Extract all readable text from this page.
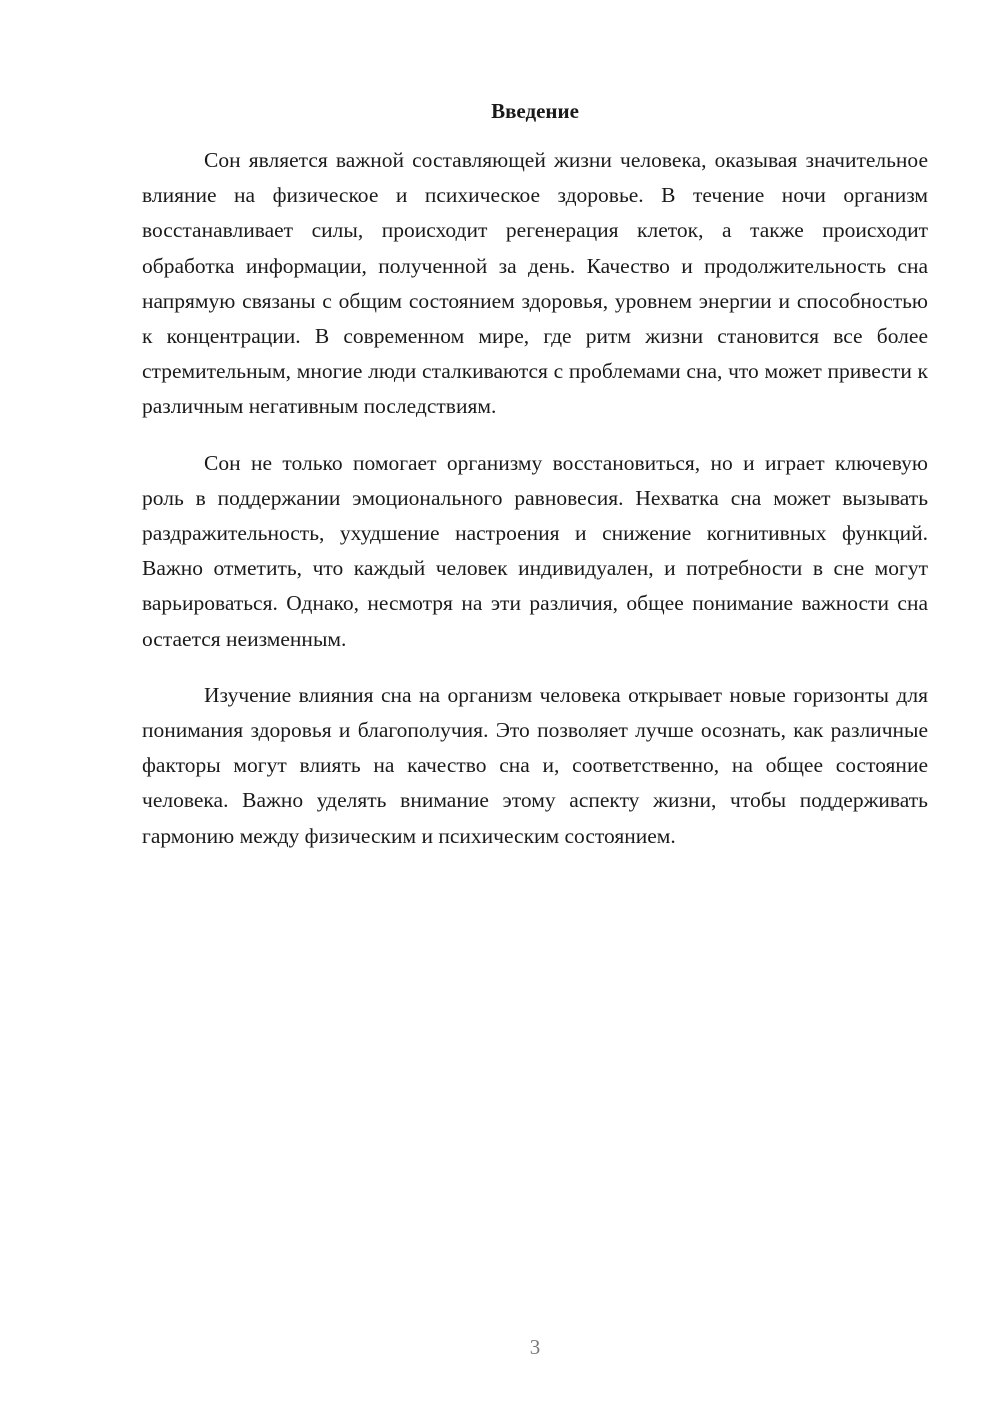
Введение

Сон является важной составляющей жизни человека, оказывая значительное влияние на физическое и психическое здоровье. В течение ночи организм восстанавливает силы, происходит регенерация клеток, а также происходит обработка информации, полученной за день. Качество и продолжительность сна напрямую связаны с общим состоянием здоровья, уровнем энергии и способностью к концентрации. В современном мире, где ритм жизни становится все более стремительным, многие люди сталкиваются с проблемами сна, что может привести к различным негативным последствиям.

Сон не только помогает организму восстановиться, но и играет ключевую роль в поддержании эмоционального равновесия. Нехватка сна может вызывать раздражительность, ухудшение настроения и снижение когнитивных функций. Важно отметить, что каждый человек индивидуален, и потребности в сне могут варьироваться. Однако, несмотря на эти различия, общее понимание важности сна остается неизменным.

Изучение влияния сна на организм человека открывает новые горизонты для понимания здоровья и благополучия. Это позволяет лучше осознать, как различные факторы могут влиять на качество сна и, соответственно, на общее состояние человека. Важно уделять внимание этому аспекту жизни, чтобы поддерживать гармонию между физическим и психическим состоянием.

3
